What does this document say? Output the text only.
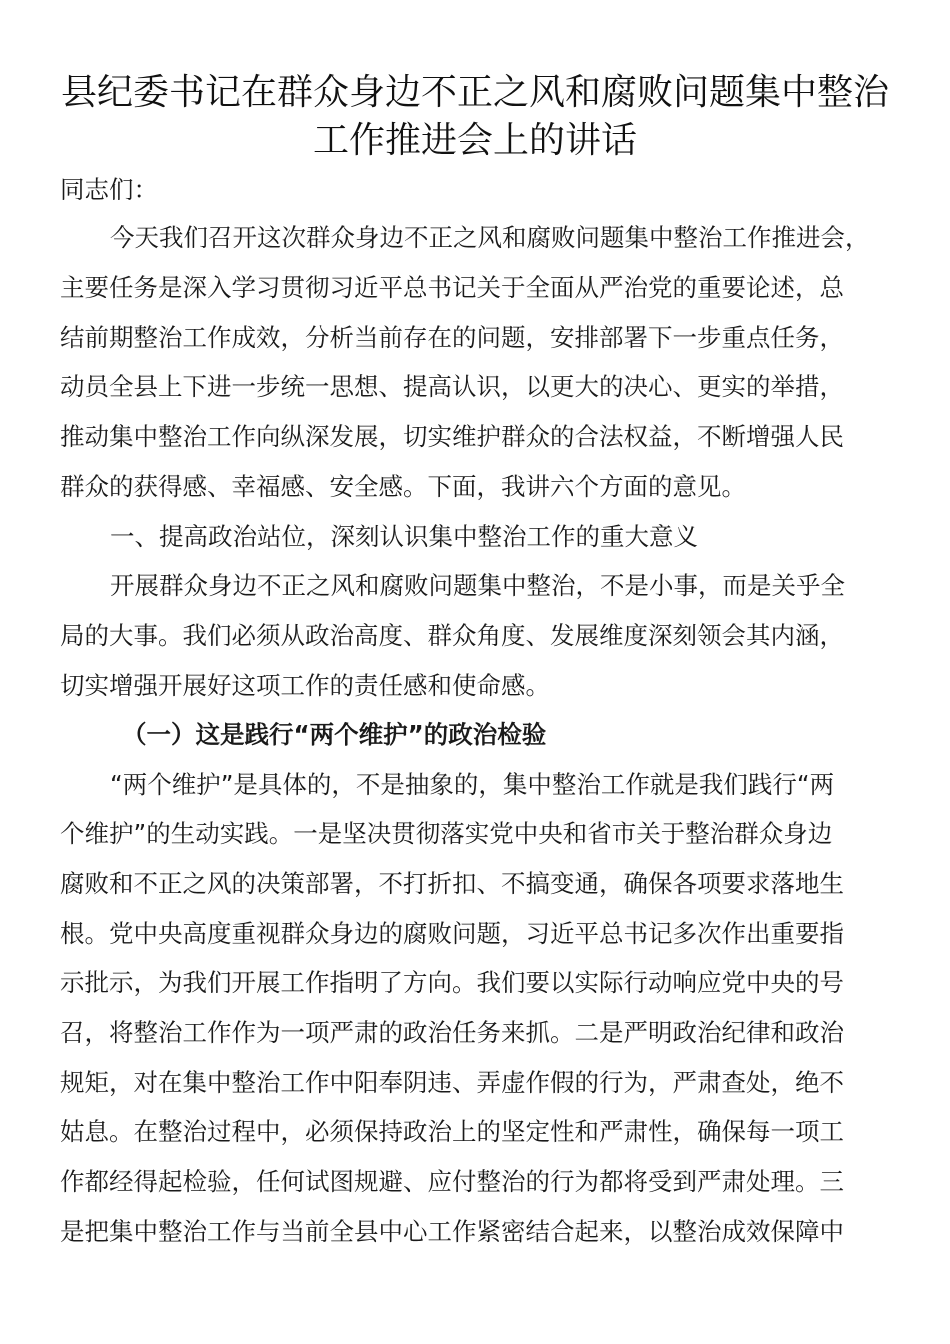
县纪委书记在群众身边不正之风和腐败问题集中整治
工作推进会上的讲话
同志们：
今天我们召开这次群众身边不正之风和腐败问题集中整治工作推进会，
主要任务是深入学习贯彻习近平总书记关于全面从严治党的重要论述，总
结前期整治工作成效，分析当前存在的问题，安排部署下一步重点任务，
动员全县上下进一步统一思想、提高认识，以更大的决心、更实的举措，
推动集中整治工作向纵深发展，切实维护群众的合法权益，不断增强人民
群众的获得感、幸福感、安全感。下面，我讲六个方面的意见。
一、提高政治站位，深刻认识集中整治工作的重大意义
开展群众身边不正之风和腐败问题集中整治，不是小事，而是关乎全
局的大事。我们必须从政治高度、群众角度、发展维度深刻领会其内涵，
切实增强开展好这项工作的责任感和使命感。
（一）这是践行“两个维护”的政治检验
“两个维护”是具体的，不是抽象的，集中整治工作就是我们践行“两
个维护”的生动实践。一是坚决贯彻落实党中央和省市关于整治群众身边
腐败和不正之风的决策部署，不打折扣、不搞变通，确保各项要求落地生
根。党中央高度重视群众身边的腐败问题，习近平总书记多次作出重要指
示批示，为我们开展工作指明了方向。我们要以实际行动响应党中央的号
召，将整治工作作为一项严肃的政治任务来抓。二是严明政治纪律和政治
规矩，对在集中整治工作中阳奉阴违、弄虚作假的行为，严肃查处，绝不
姑息。在整治过程中，必须保持政治上的坚定性和严肃性，确保每一项工
作都经得起检验，任何试图规避、应付整治的行为都将受到严肃处理。三
是把集中整治工作与当前全县中心工作紧密结合起来，以整治成效保障中
